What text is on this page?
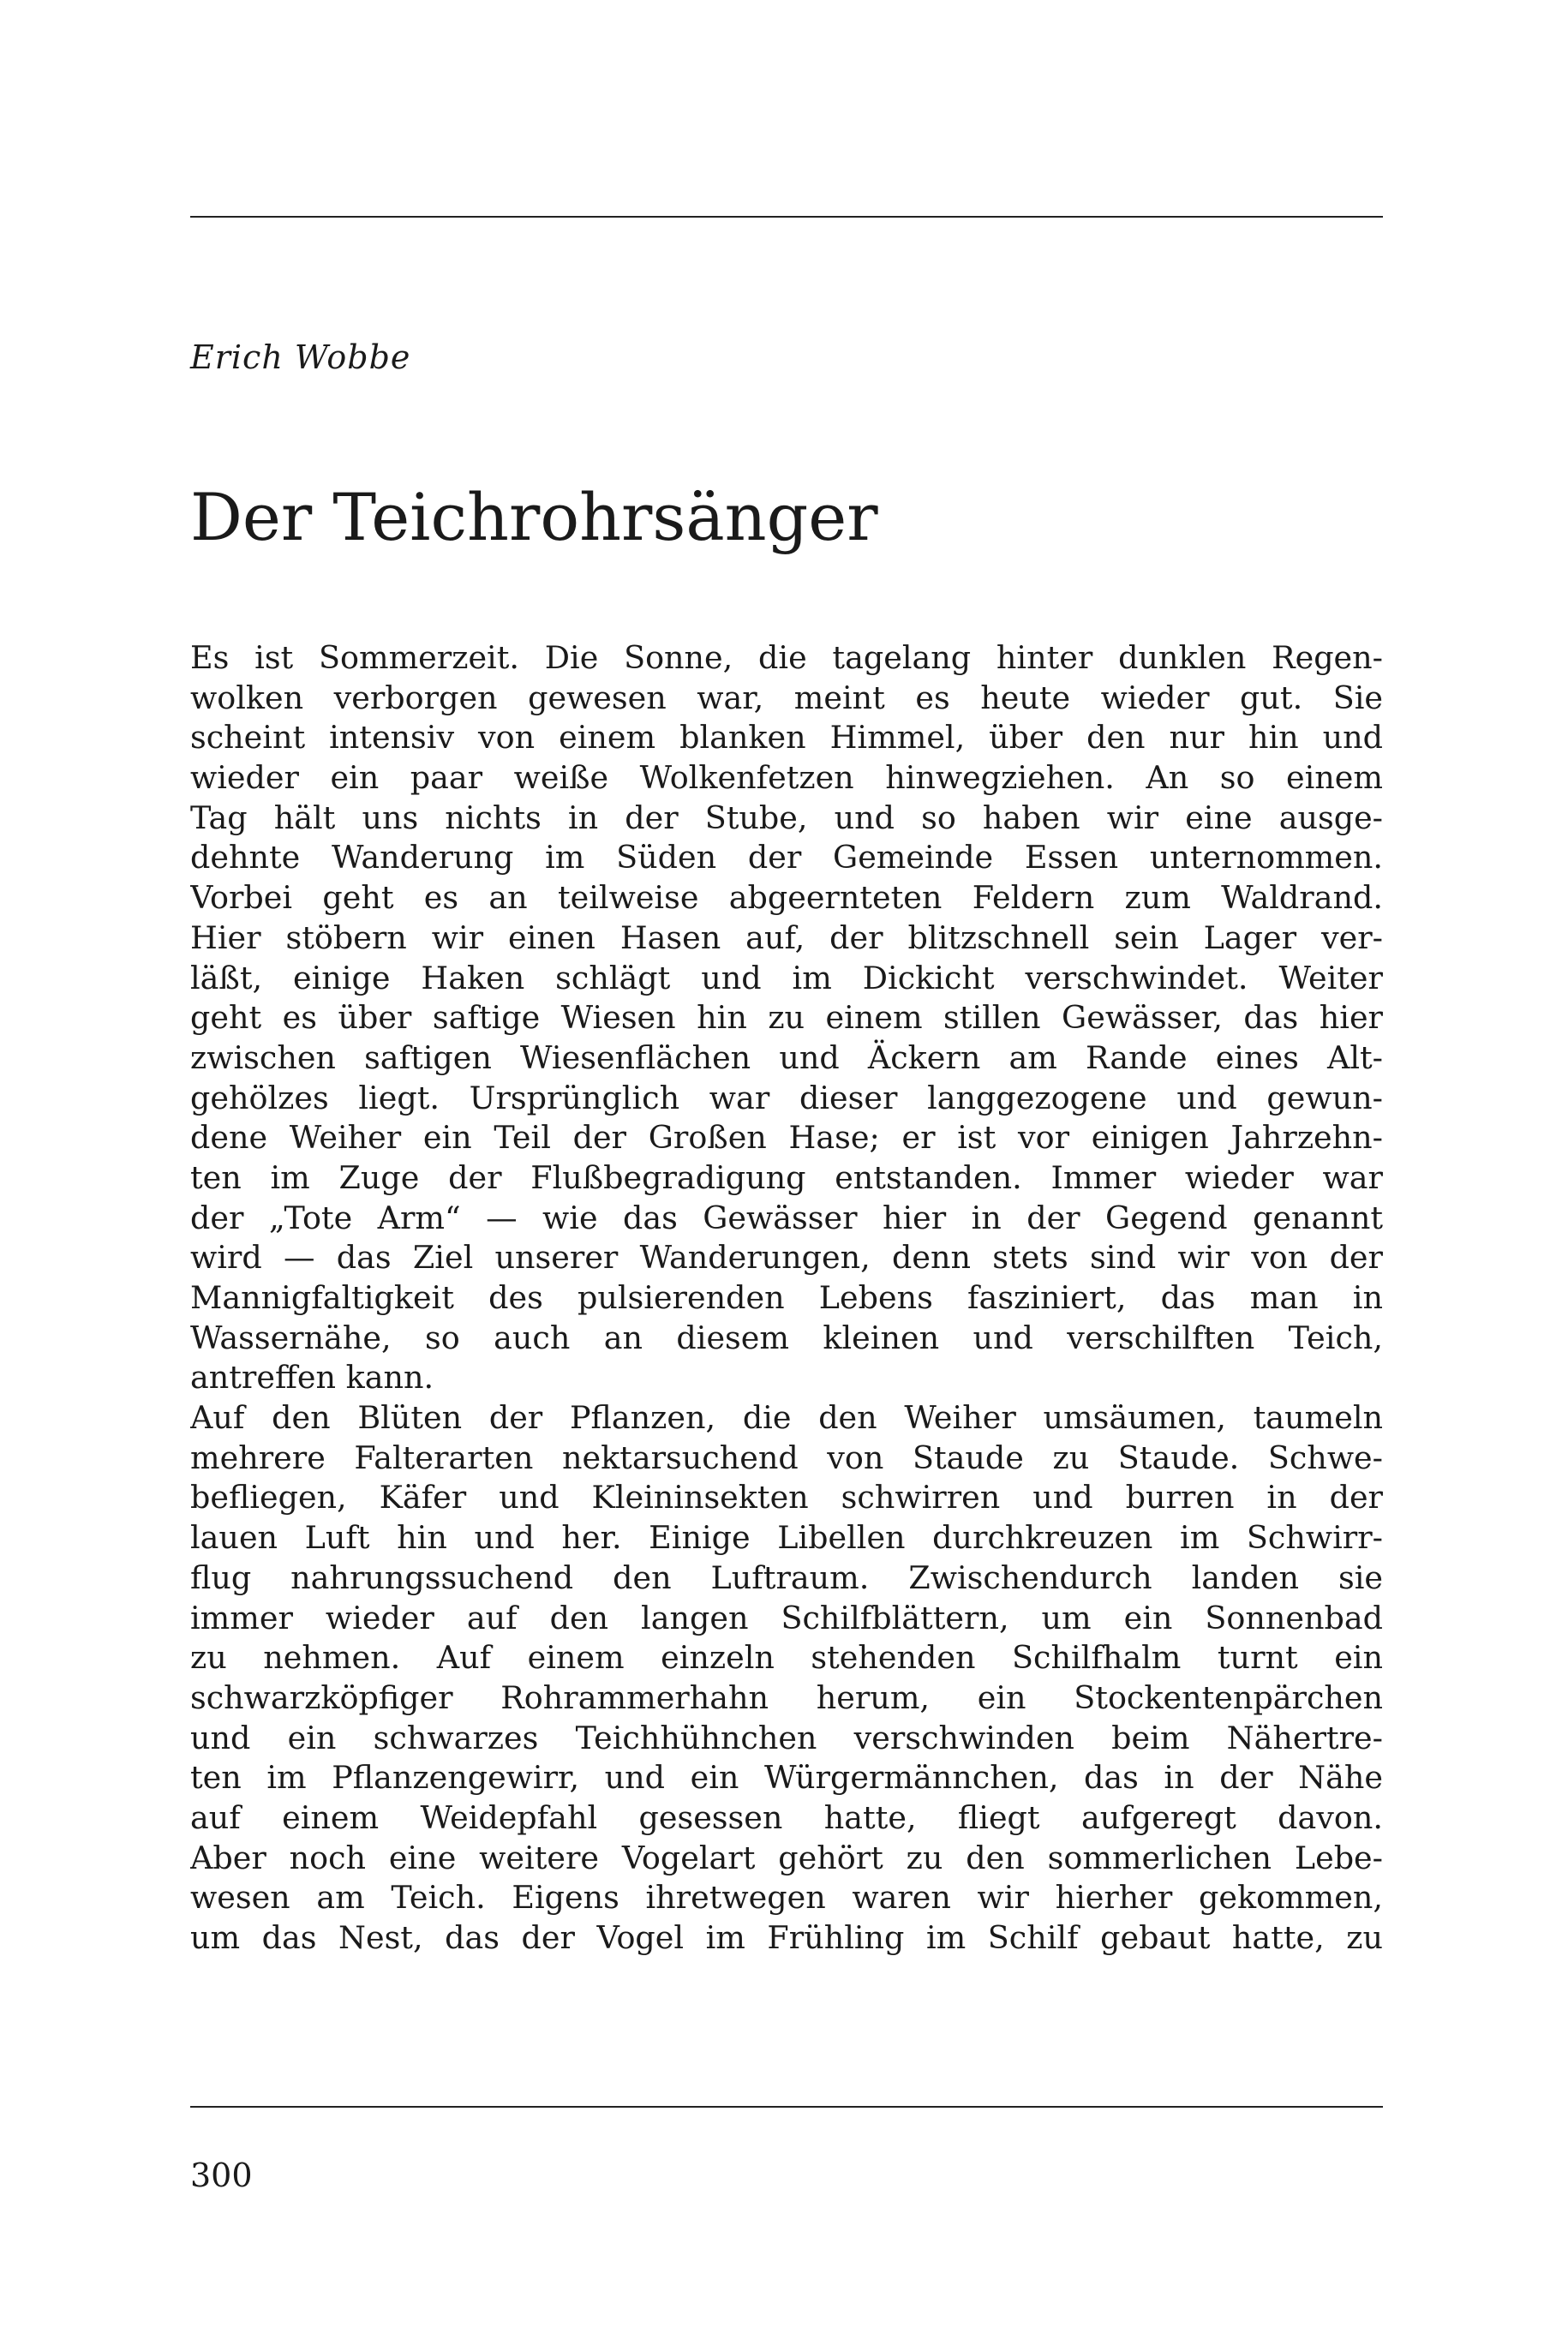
Erich Wobbe
Der Teichrohrsänger
Es ist Sommerzeit. Die Sonne, die tagelang hinter dunklen Regen-
wolken verborgen gewesen war, meint es heute wieder gut. Sie
scheint intensiv von einem blanken Himmel, über den nur hin und
wieder ein paar weiße Wolkenfetzen hinwegziehen. An so einem
Tag hält uns nichts in der Stube, und so haben wir eine ausge-
dehnte Wanderung im Süden der Gemeinde Essen unternommen.
Vorbei geht es an teilweise abgeernteten Feldern zum Waldrand.
Hier stöbern wir einen Hasen auf, der blitzschnell sein Lager ver-
läßt, einige Haken schlägt und im Dickicht verschwindet. Weiter
geht es über saftige Wiesen hin zu einem stillen Gewässer, das hier
zwischen saftigen Wiesenflächen und Äckern am Rande eines Alt-
gehölzes liegt. Ursprünglich war dieser langgezogene und gewun-
dene Weiher ein Teil der Großen Hase; er ist vor einigen Jahrzehn-
ten im Zuge der Flußbegradigung entstanden. Immer wieder war
der „Tote Arm“ — wie das Gewässer hier in der Gegend genannt
wird — das Ziel unserer Wanderungen, denn stets sind wir von der
Mannigfaltigkeit des pulsierenden Lebens fasziniert, das man in
Wassernähe, so auch an diesem kleinen und verschilften Teich,
antreffen kann.
Auf den Blüten der Pflanzen, die den Weiher umsäumen, taumeln
mehrere Falterarten nektarsuchend von Staude zu Staude. Schwe-
befliegen, Käfer und Kleininsekten schwirren und burren in der
lauen Luft hin und her. Einige Libellen durchkreuzen im Schwirr-
flug nahrungssuchend den Luftraum. Zwischendurch landen sie
immer wieder auf den langen Schilfblättern, um ein Sonnenbad
zu nehmen. Auf einem einzeln stehenden Schilfhalm turnt ein
schwarzköpfiger Rohrammerhahn herum, ein Stockentenpärchen
und ein schwarzes Teichhühnchen verschwinden beim Nähertre-
ten im Pflanzengewirr, und ein Würgermännchen, das in der Nähe
auf einem Weidepfahl gesessen hatte, fliegt aufgeregt davon.
Aber noch eine weitere Vogelart gehört zu den sommerlichen Lebe-
wesen am Teich. Eigens ihretwegen waren wir hierher gekommen,
um das Nest, das der Vogel im Frühling im Schilf gebaut hatte, zu
300
